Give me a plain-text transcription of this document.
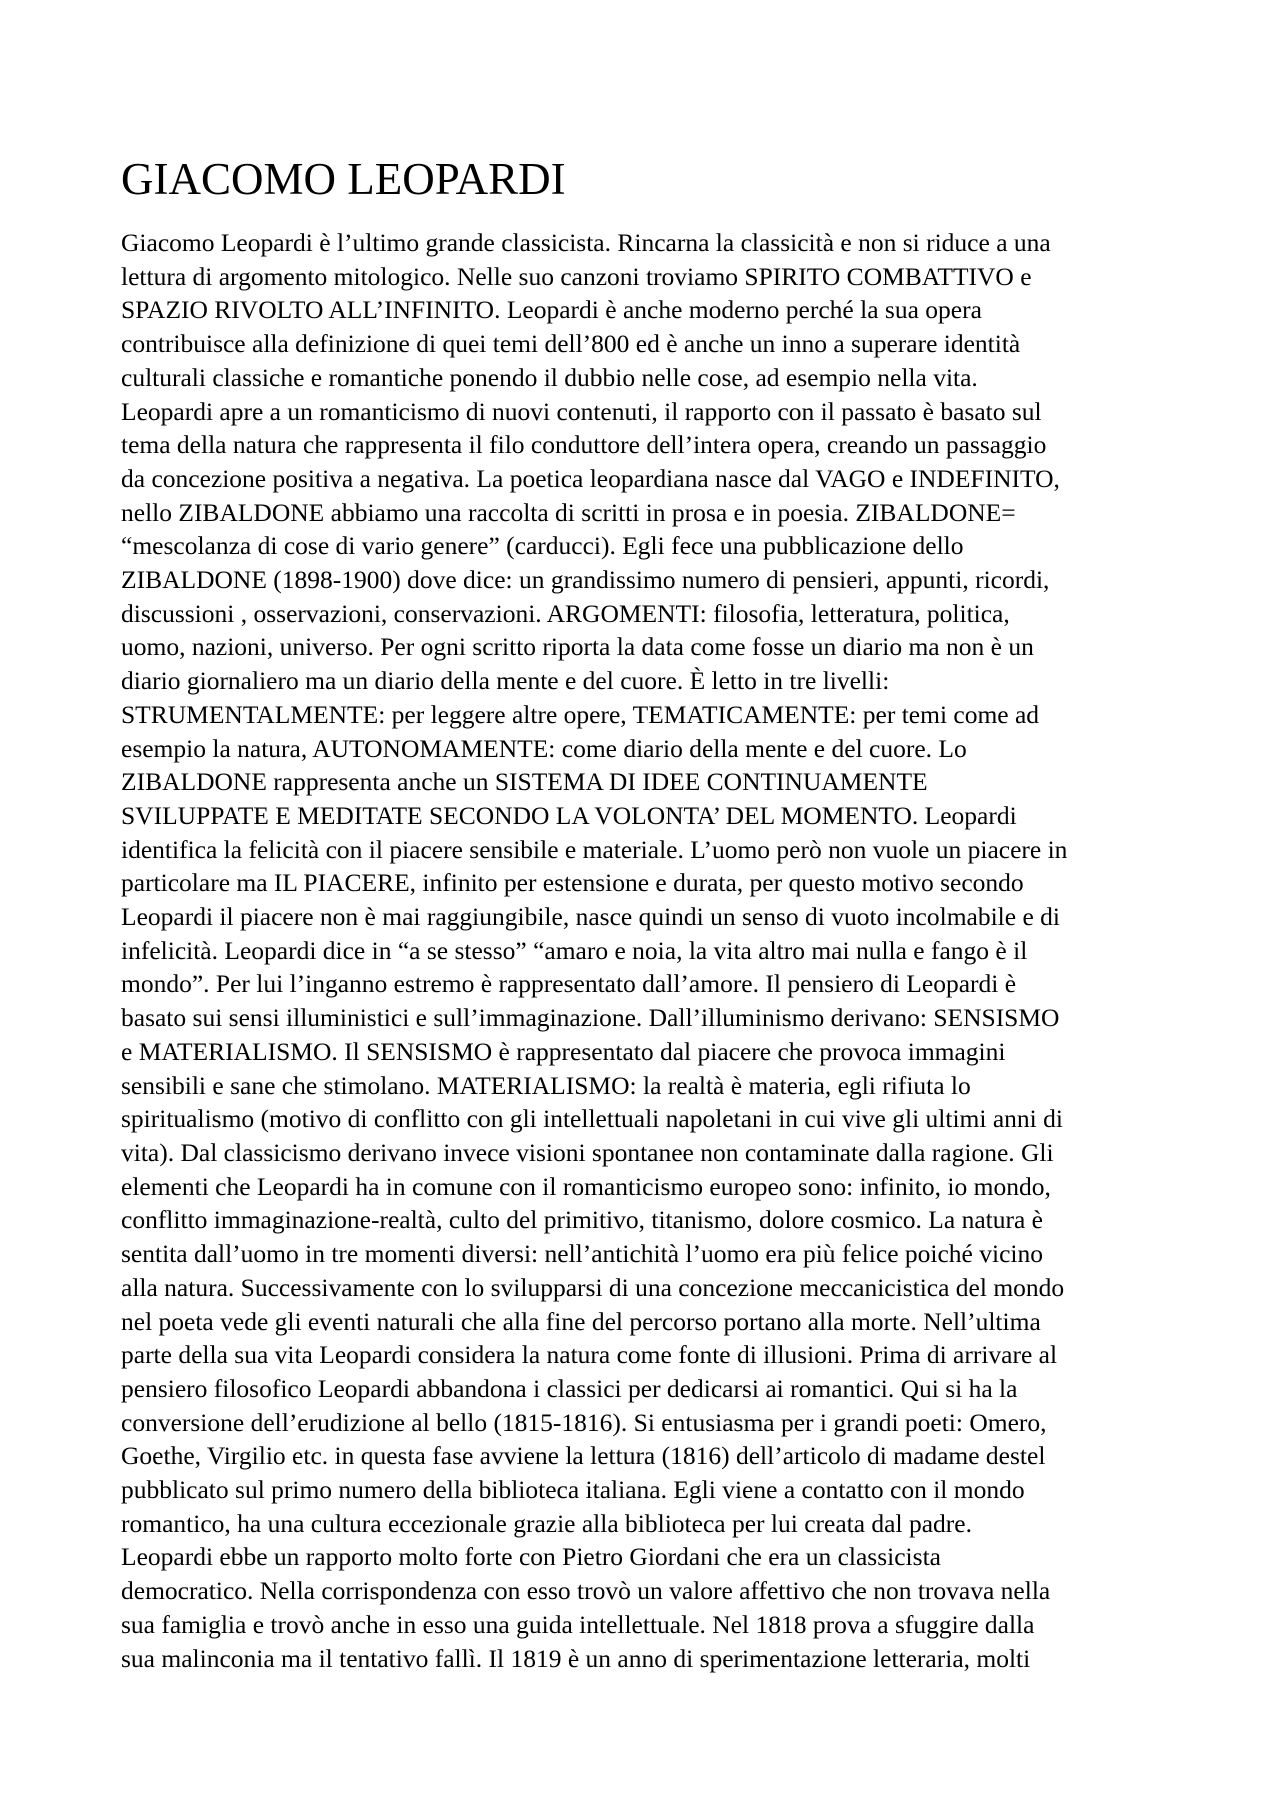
GIACOMO LEOPARDI
Giacomo Leopardi è l’ultimo grande classicista. Rincarna la classicità e non si riduce a una
lettura di argomento mitologico. Nelle suo canzoni troviamo SPIRITO COMBATTIVO e
SPAZIO RIVOLTO ALL’INFINITO. Leopardi è anche moderno perché la sua opera
contribuisce alla definizione di quei temi dell’800 ed è anche un inno a superare identità
culturali classiche e romantiche ponendo il dubbio nelle cose, ad esempio nella vita.
Leopardi apre a un romanticismo di nuovi contenuti, il rapporto con il passato è basato sul
tema della natura che rappresenta il filo conduttore dell’intera opera, creando un passaggio
da concezione positiva a negativa. La poetica leopardiana nasce dal VAGO e INDEFINITO,
nello ZIBALDONE abbiamo una raccolta di scritti in prosa e in poesia. ZIBALDONE=
“mescolanza di cose di vario genere” (carducci). Egli fece una pubblicazione dello
ZIBALDONE (1898-1900) dove dice: un grandissimo numero di pensieri, appunti, ricordi,
discussioni , osservazioni, conservazioni. ARGOMENTI: filosofia, letteratura, politica,
uomo, nazioni, universo. Per ogni scritto riporta la data come fosse un diario ma non è un
diario giornaliero ma un diario della mente e del cuore. È letto in tre livelli:
STRUMENTALMENTE: per leggere altre opere, TEMATICAMENTE: per temi come ad
esempio la natura, AUTONOMAMENTE: come diario della mente e del cuore. Lo
ZIBALDONE rappresenta anche un SISTEMA DI IDEE CONTINUAMENTE
SVILUPPATE E MEDITATE SECONDO LA VOLONTA’ DEL MOMENTO. Leopardi
identifica la felicità con il piacere sensibile e materiale. L’uomo però non vuole un piacere in
particolare ma IL PIACERE, infinito per estensione e durata, per questo motivo secondo
Leopardi il piacere non è mai raggiungibile, nasce quindi un senso di vuoto incolmabile e di
infelicità. Leopardi dice in “a se stesso” “amaro e noia, la vita altro mai nulla e fango è il
mondo”. Per lui l’inganno estremo è rappresentato dall’amore. Il pensiero di Leopardi è
basato sui sensi illuministici e sull’immaginazione. Dall’illuminismo derivano: SENSISMO
e MATERIALISMO. Il SENSISMO è rappresentato dal piacere che provoca immagini
sensibili e sane che stimolano. MATERIALISMO: la realtà è materia, egli rifiuta lo
spiritualismo (motivo di conflitto con gli intellettuali napoletani in cui vive gli ultimi anni di
vita). Dal classicismo derivano invece visioni spontanee non contaminate dalla ragione. Gli
elementi che Leopardi ha in comune con il romanticismo europeo sono: infinito, io mondo,
conflitto immaginazione-realtà, culto del primitivo, titanismo, dolore cosmico. La natura è
sentita dall’uomo in tre momenti diversi: nell’antichità l’uomo era più felice poiché vicino
alla natura. Successivamente con lo svilupparsi di una concezione meccanicistica del mondo
nel poeta vede gli eventi naturali che alla fine del percorso portano alla morte. Nell’ultima
parte della sua vita Leopardi considera la natura come fonte di illusioni. Prima di arrivare al
pensiero filosofico Leopardi abbandona i classici per dedicarsi ai romantici. Qui si ha la
conversione dell’erudizione al bello (1815-1816). Si entusiasma per i grandi poeti: Omero,
Goethe, Virgilio etc. in questa fase avviene la lettura (1816) dell’articolo di madame destel
pubblicato sul primo numero della biblioteca italiana. Egli viene a contatto con il mondo
romantico, ha una cultura eccezionale grazie alla biblioteca per lui creata dal padre.
Leopardi ebbe un rapporto molto forte con Pietro Giordani che era un classicista
democratico. Nella corrispondenza con esso trovò un valore affettivo che non trovava nella
sua famiglia e trovò anche in esso una guida intellettuale. Nel 1818 prova a sfuggire dalla
sua malinconia ma il tentativo fallì. Il 1819 è un anno di sperimentazione letteraria, molti
